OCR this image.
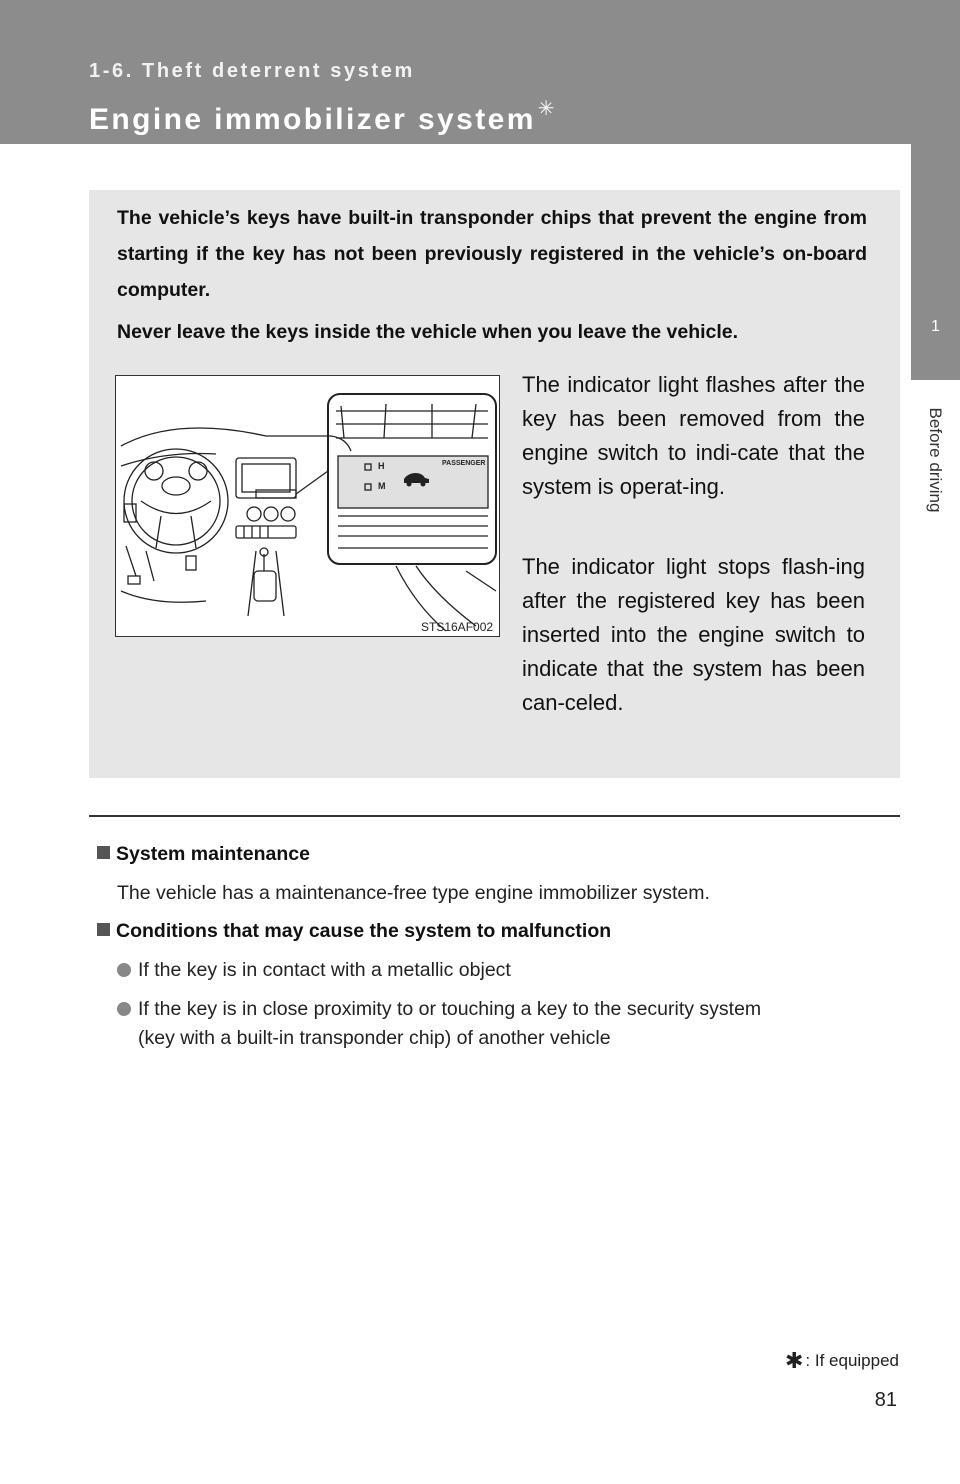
1-6. Theft deterrent system
Engine immobilizer system ✳
1
Before driving
The vehicle’s keys have built-in transponder chips that prevent the engine from starting if the key has not been previously registered in the vehicle’s on-board computer.
Never leave the keys inside the vehicle when you leave the vehicle.
H
M
PASSENGER
STS16AF002
The indicator light flashes after the key has been removed from the engine switch to indi-cate that the system is operat-ing.
The indicator light stops flash-ing after the registered key has been inserted into the engine switch to indicate that the system has been can-celed.
System maintenance
The vehicle has a maintenance-free type engine immobilizer system.
Conditions that may cause the system to malfunction
If the key is in contact with a metallic object
If the key is in close proximity to or touching a key to the security system
(key with a built-in transponder chip) of another vehicle
✱ : If equipped
81
